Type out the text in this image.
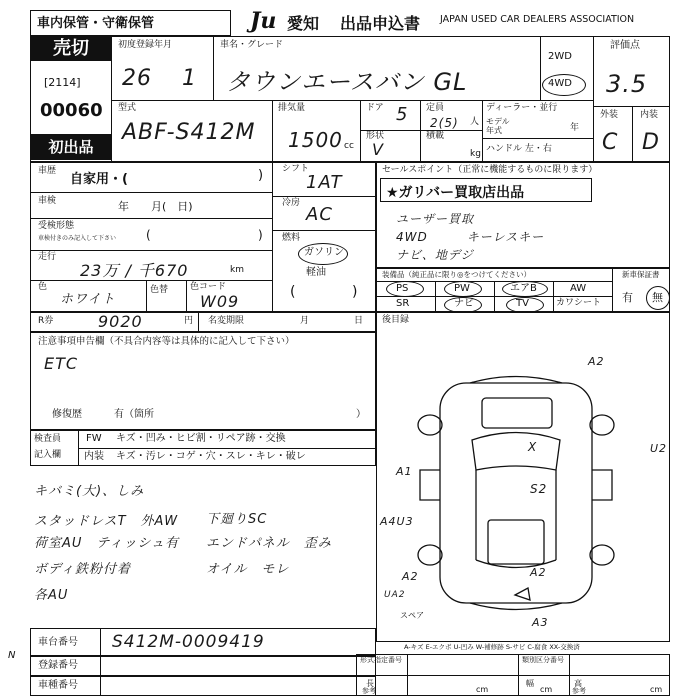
車内保管・守衛保管	Ju 愛知 出品申込書 JAPAN USED CAR DEALERS ASSOCIATION
売切
[2114]
00060
初出品
初度登録年月
26 1
車名・グレード
タウンエースバン GL
2WD
4WD
評価点
3.5
外装 内装
C D
型式
ABF-S412M
排気量
1500 cc
ドア 5 定員
2(5) 人
形状
V
積載
kg
ディーラー・並行
モデル
年式	年
ハンドル 左・右
車歴
自家用・(	)
車検	年　　月(　日)
受検形態
車検付きのみ記入して下さい (	)
走行
23万 / 千670	km
色
ホワイト
色替 色コード
W09
シフト
1AT
冷房
AC
燃料
ガソリン
軽油
(	)
R券	9020	円 名変期限	月	日
セールスポイント（正常に機能するものに限ります）
★ガリバー買取店出品
ユーザー買取
4WD　　　キーレスキー
ナビ、地デジ
装備品（純正品に限り◎をつけてください）	新車保証書
有 無
PS	PW	エアB	AW
SR	ナビ	TV	カワシート
後目録
注意事項申告欄（不具合内容等は具体的に記入して下さい）
ETC
修復歴	有（箇所	）
検査員
記入欄
FW キズ・凹み・ヒビ割・リペア跡・交換
内装 キズ・汚レ・コゲ・穴・スレ・キレ・破レ
キバミ(大)、しみ
スタッドレスT　外AW
荷室AU　ティッシュ有
ボディ鉄粉付着
各AU
下廻りSC
エンドパネル　歪み
オイル　モレ
A2
U2
A1
S2
X
A4U3
A2
A2
A3
UA2
スペア
A-キズ E-エクボ U-凹み W-補修跡 S-サビ C-腐食 XX-交換済
車台番号 S412M-0009419
登録番号
車種番号
N	形式指定番号	類別区分番号
長
参考	cm
幅
cm
高
参考	cm
